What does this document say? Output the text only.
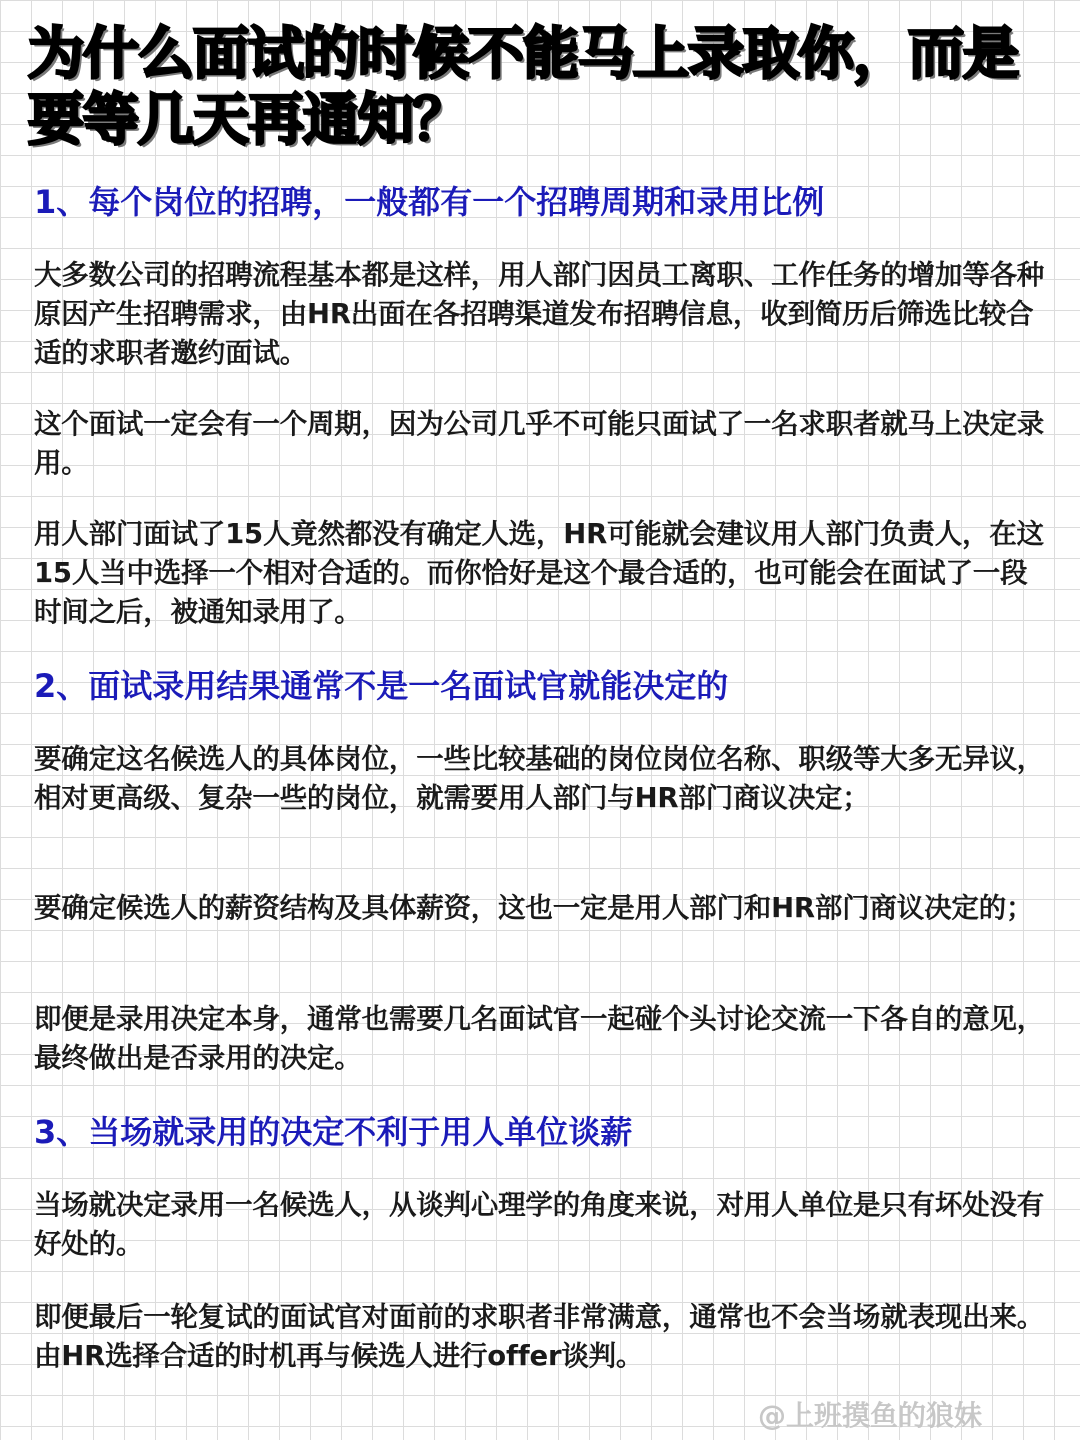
为什么面试的时候不能马上录取你，而是要等几天再通知？
1、每个岗位的招聘，一般都有一个招聘周期和录用比例

大多数公司的招聘流程基本都是这样，用人部门因员工离职、工作任务的增加等各种原因产生招聘需求，由HR出面在各招聘渠道发布招聘信息，收到简历后筛选比较合适的求职者邀约面试。

这个面试一定会有一个周期，因为公司几乎不可能只面试了一名求职者就马上决定录用。

用人部门面试了15人竟然都没有确定人选，HR可能就会建议用人部门负责人，在这15人当中选择一个相对合适的。而你恰好是这个最合适的，也可能会在面试了一段时间之后，被通知录用了。

2、面试录用结果通常不是一名面试官就能决定的

要确定这名候选人的具体岗位，一些比较基础的岗位岗位名称、职级等大多无异议，相对更高级、复杂一些的岗位，就需要用人部门与HR部门商议决定；

要确定候选人的薪资结构及具体薪资，这也一定是用人部门和HR部门商议决定的；

即便是录用决定本身，通常也需要几名面试官一起碰个头讨论交流一下各自的意见，最终做出是否录用的决定。

3、当场就录用的决定不利于用人单位谈薪

当场就决定录用一名候选人，从谈判心理学的角度来说，对用人单位是只有坏处没有好处的。

即便最后一轮复试的面试官对面前的求职者非常满意，通常也不会当场就表现出来。由HR选择合适的时机再与候选人进行offer谈判。

@上班摸鱼的狼妹
